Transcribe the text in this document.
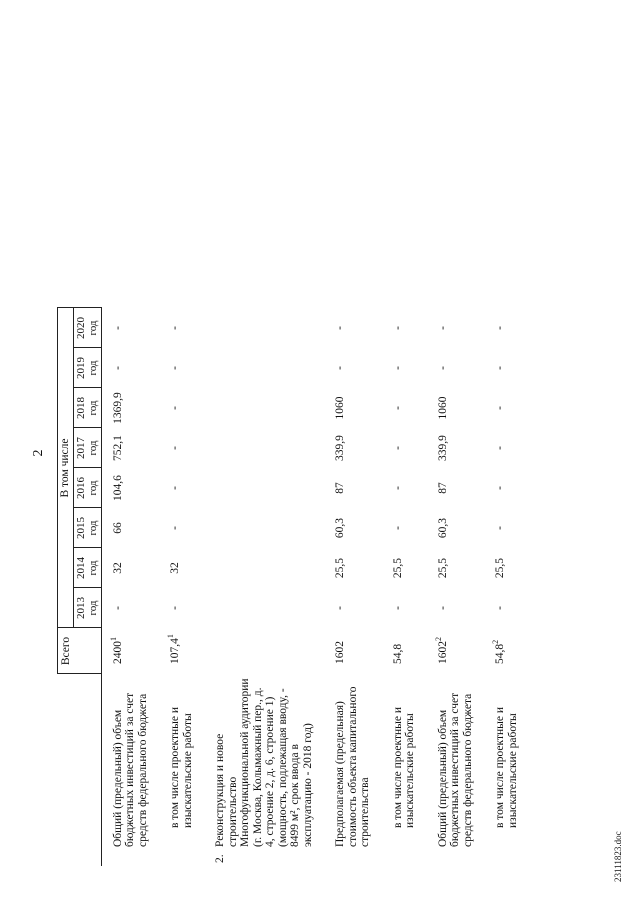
2
		Всего	В том числе							
			2013 год	2014 год	2015 год	2016 год	2017 год	2018 год	2019 год	2020 год
	Общий (предельный) объем бюджетных инвестиций за счет средств федерального бюджета	2400$^1$	-	32	66	104,6	752,1	1369,9	-	-
	в том числе проектные и изыскательские работы	107,4$^1$	-	32	-	-	-	-	-	-
2.	Реконструкция и новое строительство Многофункциональной аудитории (г. Москва, Колымажный пер., д. 4, строение 2, д. 6, строение 1) (мощность, подлежащая вводу, - 8499 м², срок ввода в эксплуатацию - 2018 год)									
	Предполагаемая (предельная) стоимость объекта капитального строительства	1602	-	25,5	60,3	87	339,9	1060	-	-
	в том числе проектные и изыскательские работы	54,8	-	25,5	-	-	-	-	-	-
	Общий (предельный) объем бюджетных инвестиций за счет средств федерального бюджета	1602$^2$	-	25,5	60,3	87	339,9	1060	-	-
	в том числе проектные и изыскательские работы	54,8$^2$	-	25,5	-	-	-	-	-	-
23111823.doc
